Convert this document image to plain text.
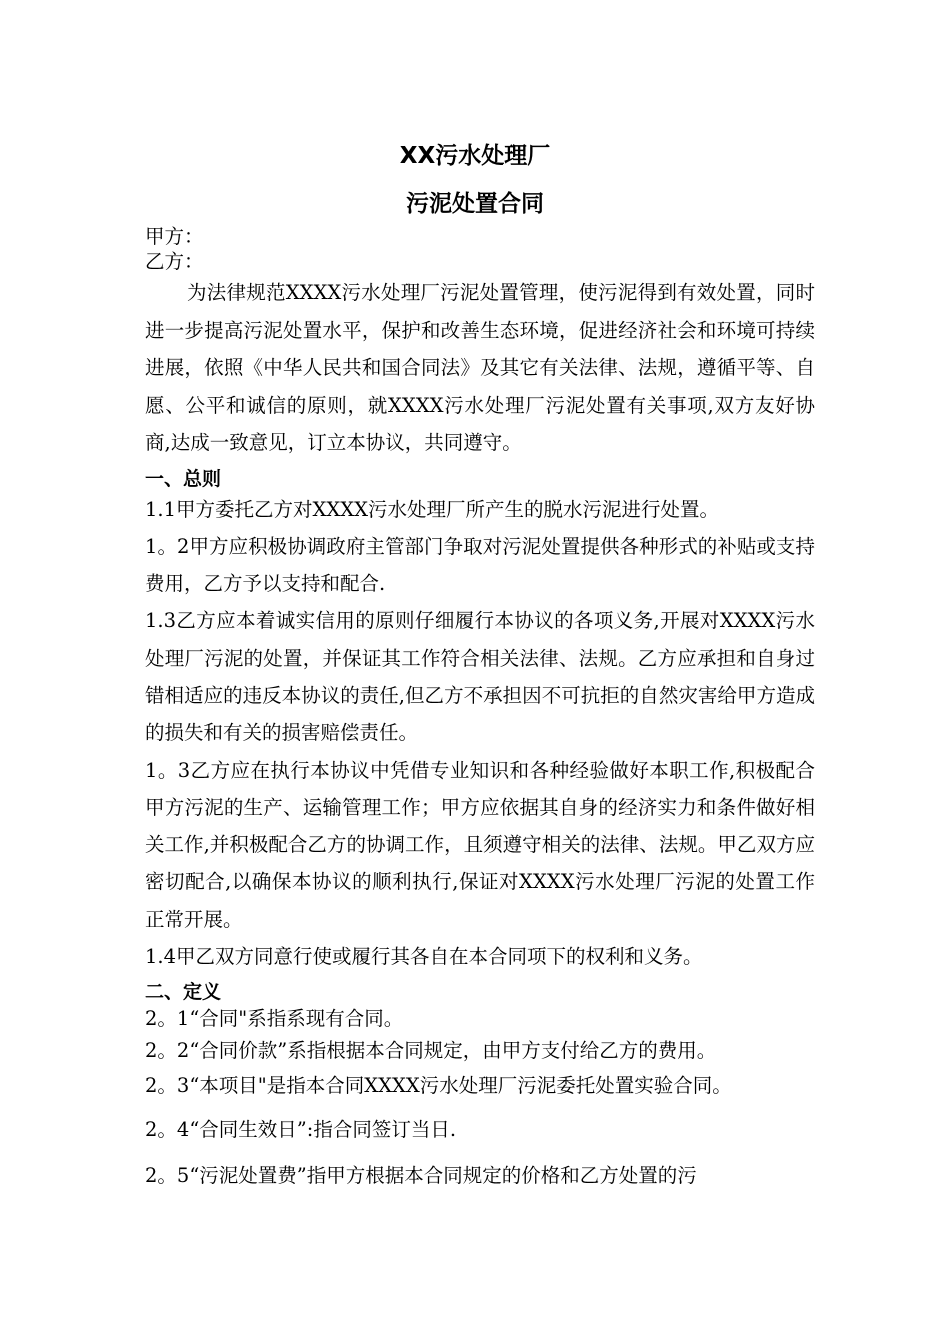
XX污水处理厂
污泥处置合同

甲方：

乙方：

为法律规范XXXX污水处理厂污泥处置管理，使污泥得到有效处置，同时进一步提高污泥处置水平，保护和改善生态环境，促进经济社会和环境可持续进展，依照《中华人民共和国合同法》及其它有关法律、法规，遵循平等、自愿、公平和诚信的原则，就XXXX污水处理厂污泥处置有关事项,双方友好协商,达成一致意见，订立本协议，共同遵守。

一、总则

1.1甲方委托乙方对XXXX污水处理厂所产生的脱水污泥进行处置。

1。2甲方应积极协调政府主管部门争取对污泥处置提供各种形式的补贴或支持费用，乙方予以支持和配合.

1.3乙方应本着诚实信用的原则仔细履行本协议的各项义务,开展对XXXX污水处理厂污泥的处置，并保证其工作符合相关法律、法规。乙方应承担和自身过错相适应的违反本协议的责任,但乙方不承担因不可抗拒的自然灾害给甲方造成的损失和有关的损害赔偿责任。

1。3乙方应在执行本协议中凭借专业知识和各种经验做好本职工作,积极配合甲方污泥的生产、运输管理工作；甲方应依据其自身的经济实力和条件做好相关工作,并积极配合乙方的协调工作，且须遵守相关的法律、法规。甲乙双方应密切配合,以确保本协议的顺利执行,保证对XXXX污水处理厂污泥的处置工作正常开展。

1.4甲乙双方同意行使或履行其各自在本合同项下的权利和义务。

二、定义

2。1“合同"系指系现有合同。

2。2“合同价款”系指根据本合同规定，由甲方支付给乙方的费用。

2。3“本项目"是指本合同XXXX污水处理厂污泥委托处置实验合同。

2。4“合同生效日”:指合同签订当日.

2。5“污泥处置费”指甲方根据本合同规定的价格和乙方处置的污
